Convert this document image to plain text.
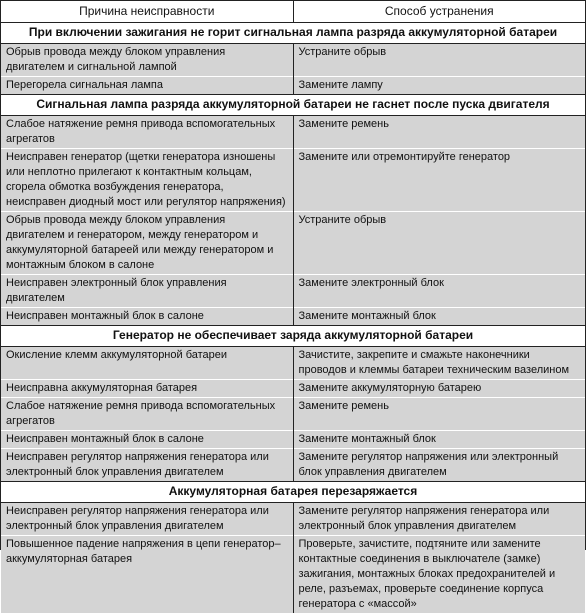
Причина неисправности	Способ устранения
При включении зажигания не горит сигнальная лампа разряда аккумуляторной батареи	
Обрыв провода между блоком управления двигателем и сигнальной лампой	Устраните обрыв
Перегорела сигнальная лампа	Замените лампу
Сигнальная лампа разряда аккумуляторной батареи не гаснет после пуска двигателя	
Слабое натяжение ремня привода вспомогательных агрегатов	Замените ремень
Неисправен генератор (щетки генератора изношены или неплотно прилегают к контактным кольцам, сгорела обмотка возбуждения генератора, неисправен диодный мост или регулятор напряжения)	Замените или отремонтируйте генератор
Обрыв провода между блоком управления двигателем и генератором, между генератором и аккумуляторной батареей или между генератором и монтажным блоком в салоне	Устраните обрыв
Неисправен электронный блок управления двигателем	Замените электронный блок
Неисправен монтажный блок в салоне	Замените монтажный блок
Генератор не обеспечивает заряда аккумуляторной батареи	
Окисление клемм аккумуляторной батареи	Зачистите, закрепите и смажьте наконечники проводов и клеммы батареи техническим вазелином
Неисправна аккумуляторная батарея	Замените аккумуляторную батарею
Слабое натяжение ремня привода вспомогательных агрегатов	Замените ремень
Неисправен монтажный блок в салоне	Замените монтажный блок
Неисправен регулятор напряжения генератора или электронный блок управления двигателем	Замените регулятор напряжения или электронный блок управления двигателем
Аккумуляторная батарея перезаряжается	
Неисправен регулятор напряжения генератора или электронный блок управления двигателем	Замените регулятор напряжения генератора или электронный блок управления двигателем
Повышенное падение напряжения в цепи генератор–аккумуляторная батарея	Проверьте, зачистите, подтяните или замените контактные соединения в выключателе (замке) зажигания, монтажных блоках предохранителей и реле, разъемах, проверьте соединение корпуса генератора с «массой»
